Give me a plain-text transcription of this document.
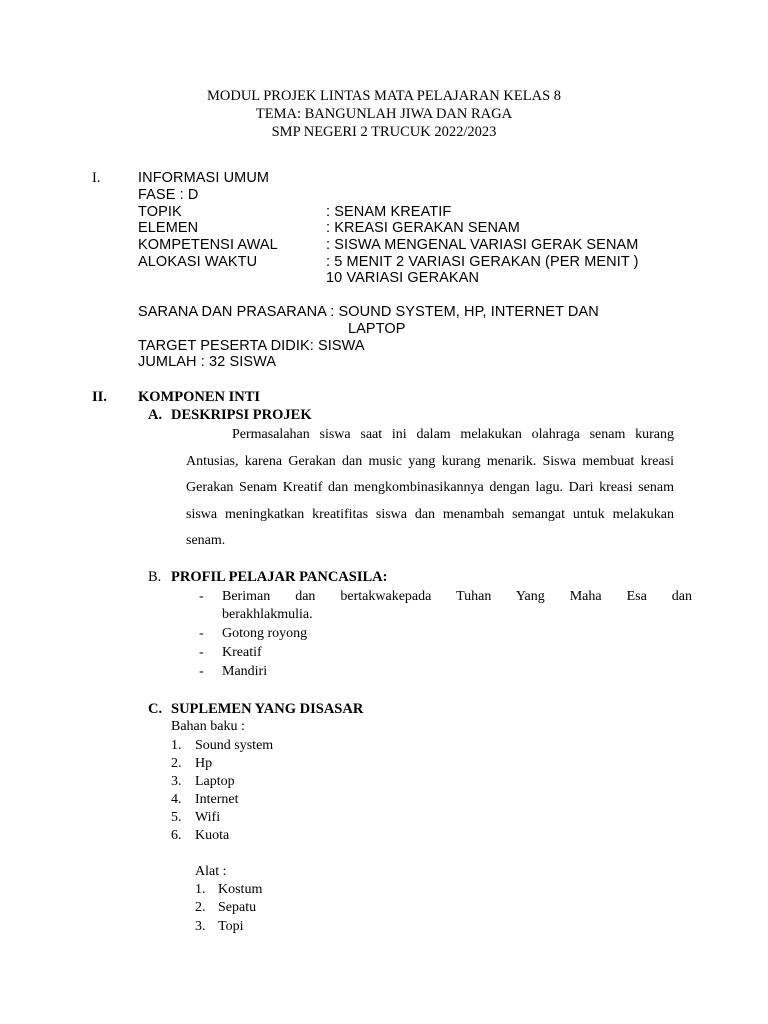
MODUL PROJEK LINTAS MATA PELAJARAN KELAS 8
TEMA: BANGUNLAH JIWA DAN RAGA
SMP NEGERI 2 TRUCUK 2022/2023
I.	INFORMASI UMUM
FASE : D
TOPIK	: SENAM KREATIF
ELEMEN	: KREASI GERAKAN SENAM
KOMPETENSI AWAL	: SISWA MENGENAL VARIASI GERAK SENAM
ALOKASI WAKTU	: 5 MENIT 2 VARIASI GERAKAN (PER MENIT )
10 VARIASI GERAKAN
SARANA DAN PRASARANA : SOUND SYSTEM, HP, INTERNET DAN
LAPTOP
TARGET PESERTA DIDIK: SISWA
JUMLAH : 32 SISWA
II. KOMPONEN INTI
A. DESKRIPSI PROJEK

Permasalahan siswa saat ini dalam melakukan olahraga senam kurang Antusias, karena Gerakan dan music yang kurang menarik. Siswa membuat kreasi Gerakan Senam Kreatif dan mengkombinasikannya dengan lagu. Dari kreasi senam siswa meningkatkan kreatifitas siswa dan menambah semangat untuk melakukan senam.

B. PROFIL PELAJAR PANCASILA:
- Beriman dan bertakwakepada Tuhan Yang Maha Esa dan
berakhlakmulia.
- Gotong royong
- Kreatif
- Mandiri
C. SUPLEMEN YANG DISASAR
Bahan baku :
1. Sound system
2. Hp
3. Laptop
4. Internet
5. Wifi
6. Kuota
Alat :
1. Kostum
2. Sepatu
3. Topi
